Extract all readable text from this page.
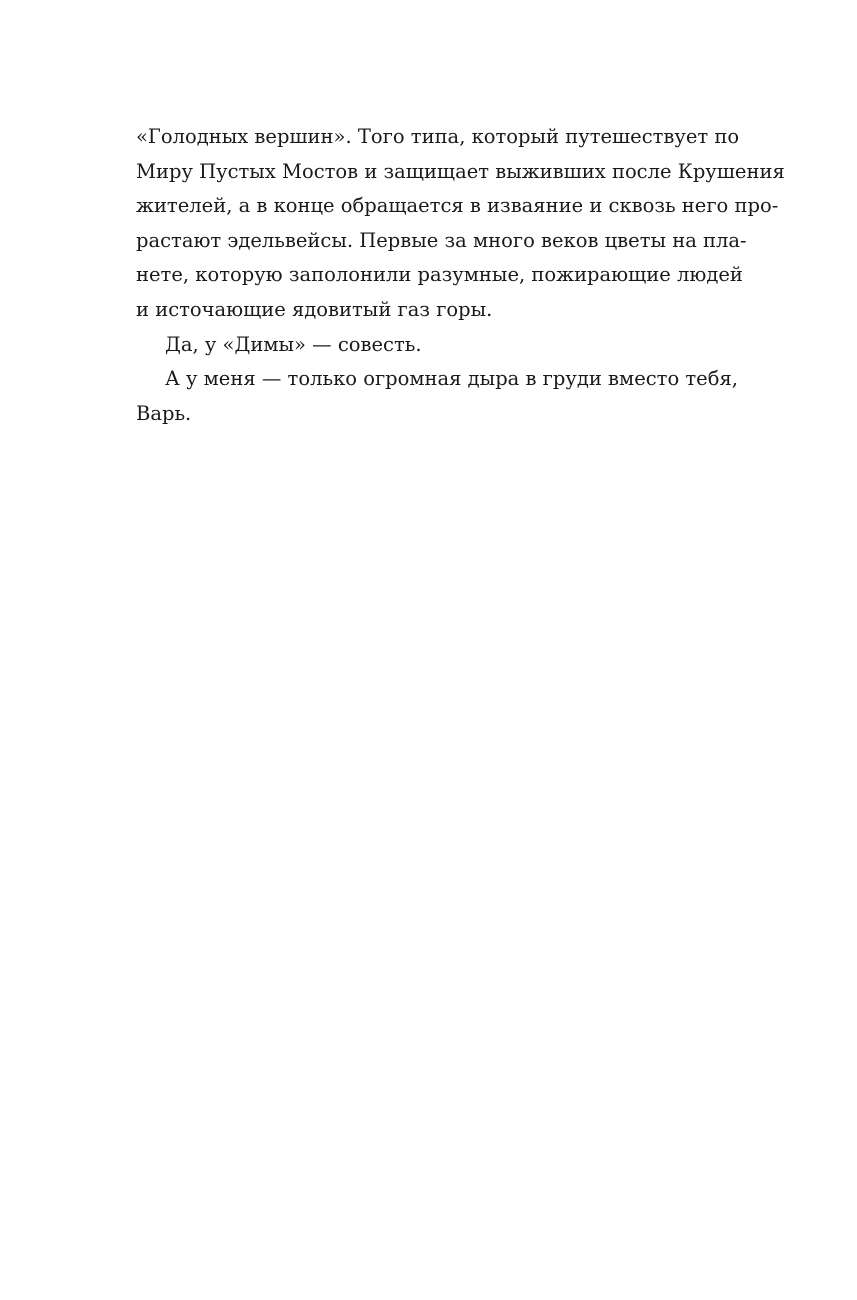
«Голодных вершин». Того типа, который путешествует по
Миру Пустых Мостов и защищает выживших после Крушения
жителей, а в конце обращается в изваяние и сквозь него про-
растают эдельвейсы. Первые за много веков цветы на пла-
нете, которую заполонили разумные, пожирающие людей
и источающие ядовитый газ горы.
Да, у «Димы» — совесть.
А у меня — только огромная дыра в груди вместо тебя,
Варь.
